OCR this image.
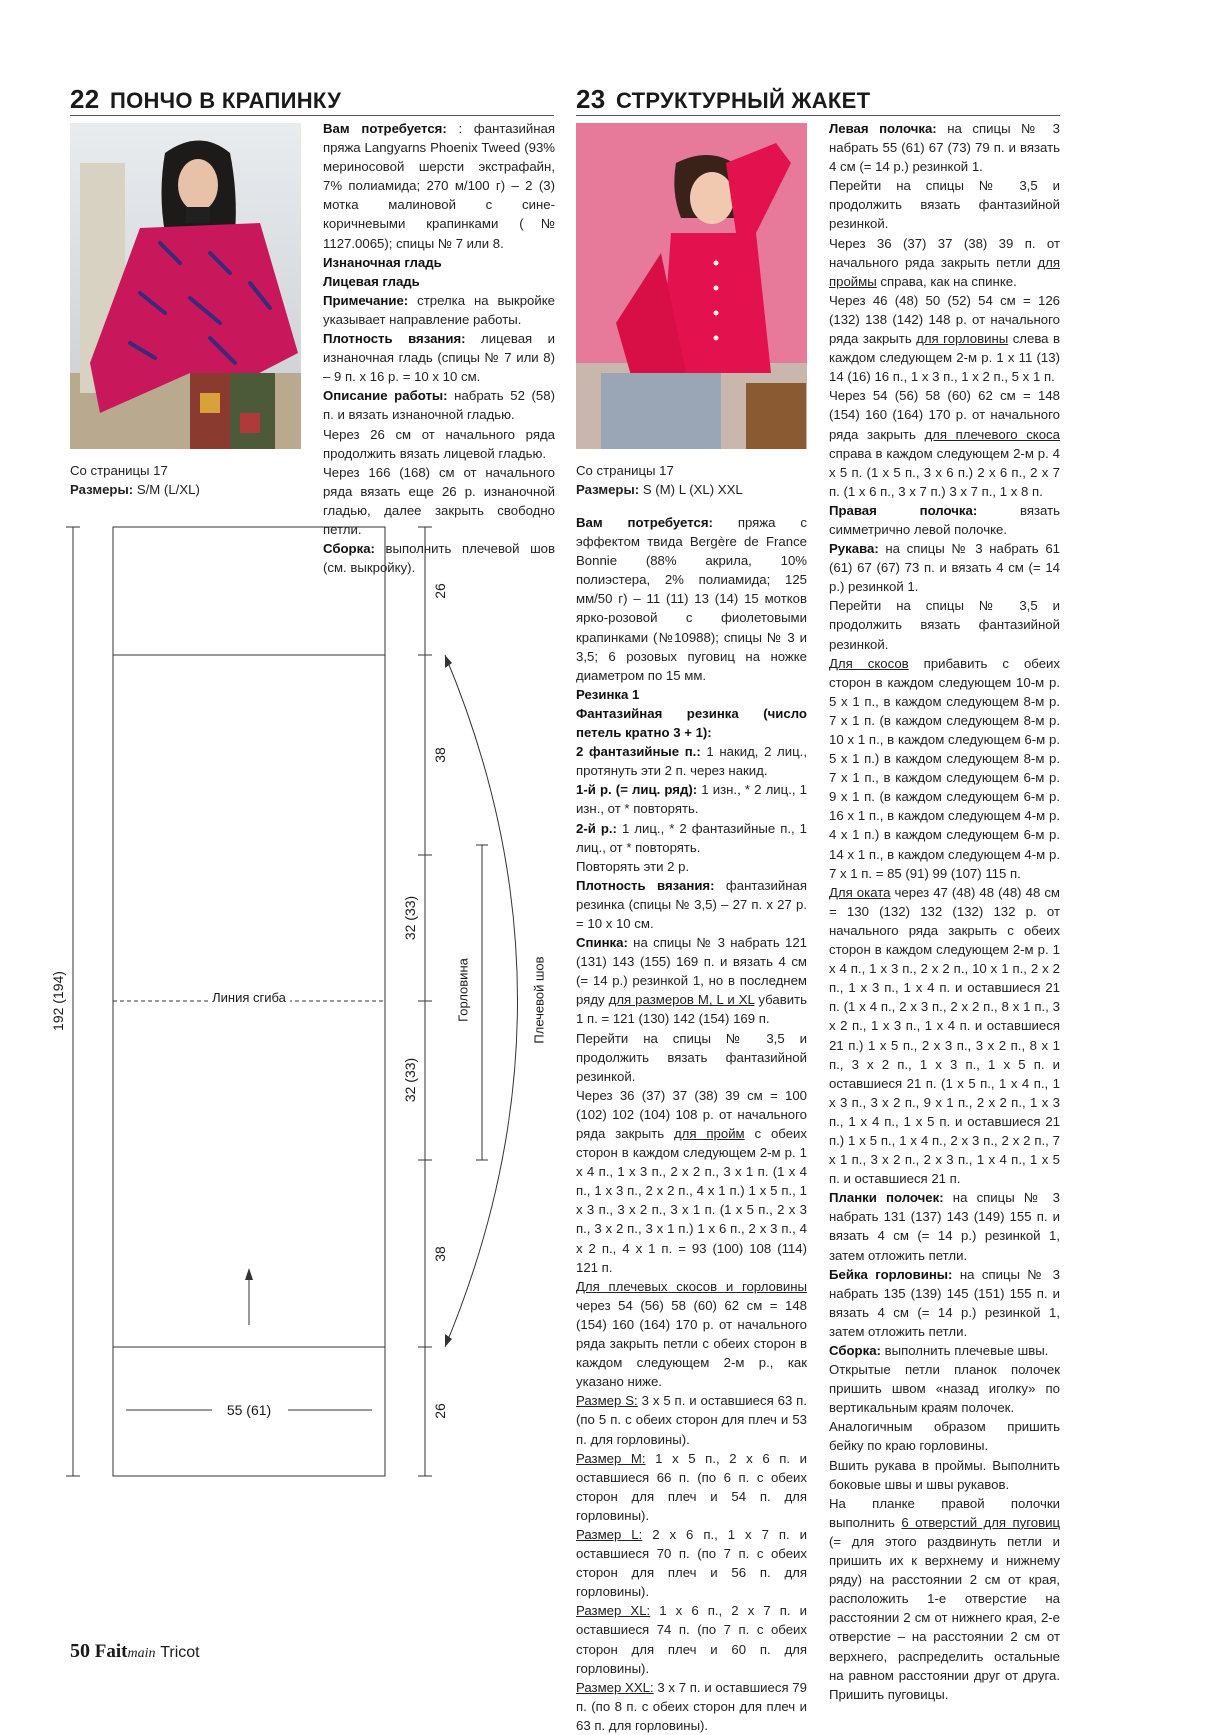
22 ПОНЧО В КРАПИНКУ	23 СТРУКТУРНЫЙ ЖАКЕТ
Со страницы 17
Размеры: S/M (L/XL)
Со страницы 17
Размеры: S (M) L (XL) XXL

Вам потребуется: : фантазийная пряжа Langyarns Phoenix Tweed (93% мериносовой шерсти экстрафайн, 7% полиамида; 270 м/100 г) – 2 (3) мотка малиновой с сине-коричневыми крапинками (№ 1127.0065); спицы № 7 или 8.

Изнаночная гладь

Лицевая гладь

Примечание: стрелка на выкройке указывает направление работы.

Плотность вязания: лицевая и изнаночная гладь (спицы № 7 или 8) – 9 п. х 16 р. = 10 х 10 см.

Описание работы: набрать 52 (58) п. и вязать изнаночной гладью.

Через 26 см от начального ряда продолжить вязать лицевой гладью.

Через 166 (168) см от начального ряда вязать еще 26 р. изнаночной гладью, далее закрыть свободно петли.

Сборка: выполнить плечевой шов (см. выкройку).

192 (194)
26
38
32 (33)
32 (33)
38
26
Горловина	Плечевой шов
Линия сгиба
55 (61)

Вам потребуется: пряжа с эффектом твида Bergère de France Bonnie (88% акрила, 10% полиэстера, 2% полиамида; 125 мм/50 г) – 11 (11) 13 (14) 15 мотков ярко-розовой с фиолетовыми крапинками (№10988); спицы № 3 и 3,5; 6 розовых пуговиц на ножке диаметром по 15 мм.

Резинка 1

Фантазийная резинка (число петель кратно 3 + 1):

2 фантазийные п.: 1 накид, 2 лиц., протянуть эти 2 п. через накид.

1-й р. (= лиц. ряд): 1 изн., * 2 лиц., 1 изн., от * повторять.

2-й р.: 1 лиц., * 2 фантазийные п., 1 лиц., от * повторять.

Повторять эти 2 р.

Плотность вязания: фантазийная резинка (спицы № 3,5) – 27 п. х 27 р. = 10 х 10 см.

Спинка: на спицы № 3 набрать 121 (131) 143 (155) 169 п. и вязать 4 см (= 14 р.) резинкой 1, но в последнем ряду для размеров M, L и XL убавить 1 п. = 121 (130) 142 (154) 169 п.

Перейти на спицы № 3,5 и продолжить вязать фантазийной резинкой.

Через 36 (37) 37 (38) 39 см = 100 (102) 102 (104) 108 р. от начального ряда закрыть для пройм с обеих сторон в каждом следующем 2-м р. 1 х 4 п., 1 х 3 п., 2 х 2 п., 3 х 1 п. (1 х 4 п., 1 х 3 п., 2 х 2 п., 4 х 1 п.) 1 х 5 п., 1 х 3 п., 3 х 2 п., 3 х 1 п. (1 х 5 п., 2 х 3 п., 3 х 2 п., 3 х 1 п.) 1 х 6 п., 2 х 3 п., 4 х 2 п., 4 х 1 п. = 93 (100) 108 (114) 121 п.

Для плечевых скосов и горловины через 54 (56) 58 (60) 62 см = 148 (154) 160 (164) 170 р. от начального ряда закрыть петли с обеих сторон в каждом следующем 2-м р., как указано ниже.

Размер S: 3 х 5 п. и оставшиеся 63 п. (по 5 п. с обеих сторон для плеч и 53 п. для горловины).

Размер M: 1 х 5 п., 2 х 6 п. и оставшиеся 66 п. (по 6 п. с обеих сторон для плеч и 54 п. для горловины).

Размер L: 2 х 6 п., 1 х 7 п. и оставшиеся 70 п. (по 7 п. с обеих сторон для плеч и 56 п. для горловины).

Размер XL: 1 х 6 п., 2 х 7 п. и оставшиеся 74 п. (по 7 п. с обеих сторон для плеч и 60 п. для горловины).

Размер XXL: 3 х 7 п. и оставшиеся 79 п. (по 8 п. с обеих сторон для плеч и 63 п. для горловины).

Левая полочка: на спицы № 3 набрать 55 (61) 67 (73) 79 п. и вязать 4 см (= 14 р.) резинкой 1.

Перейти на спицы № 3,5 и продолжить вязать фантазийной резинкой.

Через 36 (37) 37 (38) 39 п. от начального ряда закрыть петли для проймы справа, как на спинке.

Через 46 (48) 50 (52) 54 см = 126 (132) 138 (142) 148 р. от начального ряда закрыть для горловины слева в каждом следующем 2-м р. 1 х 11 (13) 14 (16) 16 п., 1 х 3 п., 1 х 2 п., 5 х 1 п.

Через 54 (56) 58 (60) 62 см = 148 (154) 160 (164) 170 р. от начального ряда закрыть для плечевого скоса справа в каждом следующем 2-м р. 4 х 5 п. (1 х 5 п., 3 х 6 п.) 2 х 6 п., 2 х 7 п. (1 х 6 п., 3 х 7 п.) 3 х 7 п., 1 х 8 п.

Правая полочка: вязать симметрично левой полочке.

Рукава: на спицы № 3 набрать 61 (61) 67 (67) 73 п. и вязать 4 см (= 14 р.) резинкой 1.

Перейти на спицы № 3,5 и продолжить вязать фантазийной резинкой.

Для скосов прибавить с обеих сторон в каждом следующем 10-м р. 5 х 1 п., в каждом следующем 8-м р. 7 х 1 п. (в каждом следующем 8-м р. 10 х 1 п., в каждом следующем 6-м р. 5 х 1 п.) в каждом следующем 8-м р. 7 х 1 п., в каждом следующем 6-м р. 9 х 1 п. (в каждом следующем 6-м р. 16 х 1 п., в каждом следующем 4-м р. 4 х 1 п.) в каждом следующем 6-м р. 14 х 1 п., в каждом следующем 4-м р. 7 х 1 п. = 85 (91) 99 (107) 115 п.

Для оката через 47 (48) 48 (48) 48 см = 130 (132) 132 (132) 132 р. от начального ряда закрыть с обеих сторон в каждом следующем 2-м р. 1 х 4 п., 1 х 3 п., 2 х 2 п., 10 х 1 п., 2 х 2 п., 1 х 3 п., 1 х 4 п. и оставшиеся 21 п. (1 х 4 п., 2 х 3 п., 2 х 2 п., 8 х 1 п., 3 х 2 п., 1 х 3 п., 1 х 4 п. и оставшиеся 21 п.) 1 х 5 п., 2 х 3 п., 3 х 2 п., 8 х 1 п., 3 х 2 п., 1 х 3 п., 1 х 5 п. и оставшиеся 21 п. (1 х 5 п., 1 х 4 п., 1 х 3 п., 3 х 2 п., 9 х 1 п., 2 х 2 п., 1 х 3 п., 1 х 4 п., 1 х 5 п. и оставшиеся 21 п.) 1 х 5 п., 1 х 4 п., 2 х 3 п., 2 х 2 п., 7 х 1 п., 3 х 2 п., 2 х 3 п., 1 х 4 п., 1 х 5 п. и оставшиеся 21 п.

Планки полочек: на спицы № 3 набрать 131 (137) 143 (149) 155 п. и вязать 4 см (= 14 р.) резинкой 1, затем отложить петли.

Бейка горловины: на спицы № 3 набрать 135 (139) 145 (151) 155 п. и вязать 4 см (= 14 р.) резинкой 1, затем отложить петли.

Сборка: выполнить плечевые швы.

Открытые петли планок полочек пришить швом «назад иголку» по вертикальным краям полочек.

Аналогичным образом пришить бейку по краю горловины.

Вшить рукава в проймы. Выполнить боковые швы и швы рукавов.

На планке правой полочки выполнить 6 отверстий для пуговиц (= для этого раздвинуть петли и пришить их к верхнему и нижнему ряду) на расстоянии 2 см от края, расположить 1-е отверстие на расстоянии 2 см от нижнего края, 2-е отверстие – на расстоянии 2 см от верхнего, распределить остальные на равном расстоянии друг от друга. Пришить пуговицы.

50 Faitmain Tricot
